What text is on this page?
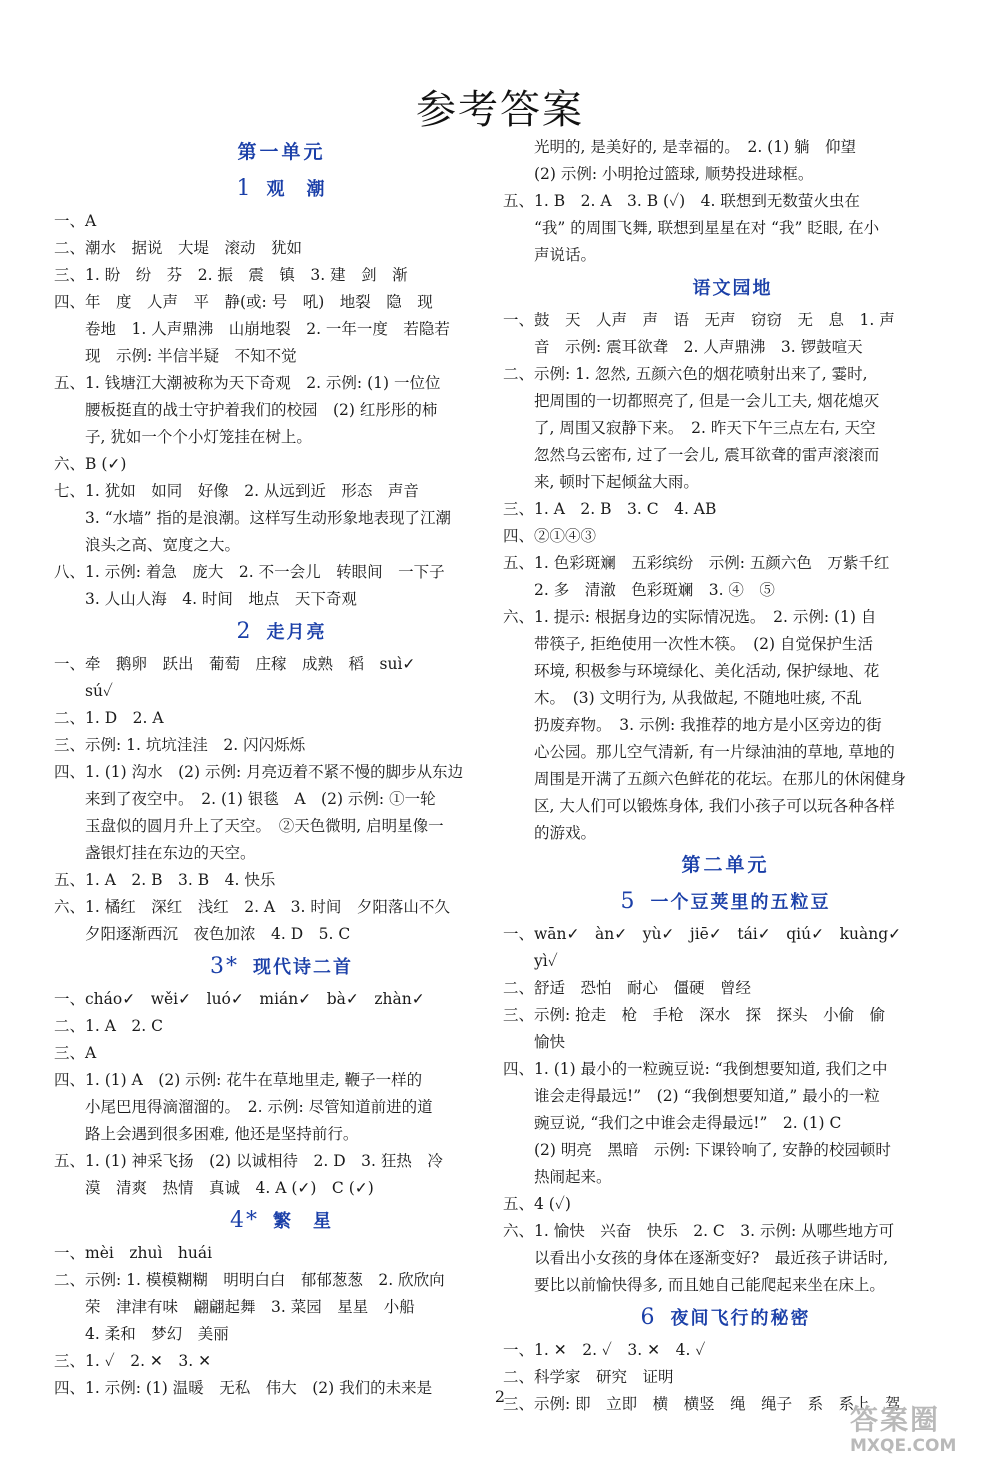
参考答案
第一单元
1 观　潮
一、A
二、潮水　据说　大堤　滚动　犹如
三、1. 盼　纷　芬　2. 振　震　镇　3. 建　剑　渐
四、年　度　人声　平　静(或: 号　吼)　地裂　隐　现
　　卷地　1. 人声鼎沸　山崩地裂　2. 一年一度　若隐若
　　现　示例: 半信半疑　不知不觉
五、1. 钱塘江大潮被称为天下奇观　2. 示例: (1) 一位位
　　腰板挺直的战士守护着我们的校园　(2) 红彤彤的柿
　　子, 犹如一个个小灯笼挂在树上。
六、B (✓)
七、1. 犹如　如同　好像　2. 从远到近　形态　声音
　　3. “水墙” 指的是浪潮。这样写生动形象地表现了江潮
　　浪头之高、宽度之大。
八、1. 示例: 着急　庞大　2. 不一会儿　转眼间　一下子
　　3. 人山人海　4. 时间　地点　天下奇观
2 走月亮
一、牵　鹅卵　跃出　葡萄　庄稼　成熟　稻　suì✓
　　sú✓
二、1. D　2. A
三、示例: 1. 坑坑洼洼　2. 闪闪烁烁
四、1. (1) 沟水　(2) 示例: 月亮迈着不紧不慢的脚步从东边
　　来到了夜空中。　2. (1) 银毯　A　(2) 示例: ①一轮
　　玉盘似的圆月升上了天空。　②天色微明, 启明星像一
　　盏银灯挂在东边的天空。
五、1. A　2. B　3. B　4. 快乐
六、1. 橘红　深红　浅红　2. A　3. 时间　夕阳落山不久
　　夕阳逐渐西沉　夜色加浓　4. D　5. C
3* 现代诗二首
一、cháo✓　wěi✓　luó✓　mián✓　bà✓　zhàn✓
二、1. A　2. C
三、A
四、1. (1) A　(2) 示例: 花牛在草地里走, 鞭子一样的
　　小尾巴甩得滴溜溜的。　2. 示例: 尽管知道前进的道
　　路上会遇到很多困难, 他还是坚持前行。
五、1. (1) 神采飞扬　(2) 以诚相待　2. D　3. 狂热　冷
　　漠　清爽　热情　真诚　4. A (✓)　C (✓)
4* 繁　星
一、mèi　zhuì　huái
二、示例: 1. 模模糊糊　明明白白　郁郁葱葱　2. 欣欣向
　　荣　津津有味　翩翩起舞　3. 菜园　星星　小船
　　4. 柔和　梦幻　美丽
三、1. ✓　2. ✕　3. ✕
四、1. 示例: (1) 温暖　无私　伟大　(2) 我们的未来是
　　光明的, 是美好的, 是幸福的。　2. (1) 躺　仰望
　　(2) 示例: 小明抢过篮球, 顺势投进球框。
五、1. B　2. A　3. B (✓)　4. 联想到无数萤火虫在
　　“我” 的周围飞舞, 联想到星星在对 “我” 眨眼, 在小
　　声说话。
语文园地
一、鼓　天　人声　声　语　无声　窃窃　无　息　1. 声
　　音　示例: 震耳欲聋　2. 人声鼎沸　3. 锣鼓喧天
二、示例: 1. 忽然, 五颜六色的烟花喷射出来了, 霎时,
　　把周围的一切都照亮了, 但是一会儿工夫, 烟花熄灭
　　了, 周围又寂静下来。　2. 昨天下午三点左右, 天空
　　忽然乌云密布, 过了一会儿, 震耳欲聋的雷声滚滚而
　　来, 顿时下起倾盆大雨。
三、1. A　2. B　3. C　4. AB
四、②①④③
五、1. 色彩斑斓　五彩缤纷　示例: 五颜六色　万紫千红
　　2. 多　清澈　色彩斑斓　3. ④　⑤
六、1. 提示: 根据身边的实际情况选。　2. 示例: (1) 自
　　带筷子, 拒绝使用一次性木筷。　(2) 自觉保护生活
　　环境, 积极参与环境绿化、美化活动, 保护绿地、花
　　木。　(3) 文明行为, 从我做起, 不随地吐痰, 不乱
　　扔废弃物。　3. 示例: 我推荐的地方是小区旁边的街
　　心公园。那儿空气清新, 有一片绿油油的草地, 草地的
　　周围是开满了五颜六色鲜花的花坛。在那儿的休闲健身
　　区, 大人们可以锻炼身体, 我们小孩子可以玩各种各样
　　的游戏。
第二单元
5 一个豆荚里的五粒豆
一、wān✓　àn✓　yù✓　jiē✓　tái✓　qiú✓　kuàng✓
　　yì✓
二、舒适　恐怕　耐心　僵硬　曾经
三、示例: 抢走　枪　手枪　深水　探　探头　小偷　偷
　　愉快
四、1. (1) 最小的一粒豌豆说: “我倒想要知道, 我们之中
　　谁会走得最远!”　(2) “我倒想要知道,” 最小的一粒
　　豌豆说, “我们之中谁会走得最远!”　2. (1) C
　　(2) 明亮　黑暗　示例: 下课铃响了, 安静的校园顿时
　　热闹起来。
五、4 (✓)
六、1. 愉快　兴奋　快乐　2. C　3. 示例: 从哪些地方可
　　以看出小女孩的身体在逐渐变好?　最近孩子讲话时,
　　要比以前愉快得多, 而且她自己能爬起来坐在床上。
6 夜间飞行的秘密
一、1. ✕　2. ✓　3. ✕　4. ✓
二、科学家　研究　证明
三、示例: 即　立即　横　横竖　绳　绳子　系　系上　驾
2
答案圈
MXQE.COM
